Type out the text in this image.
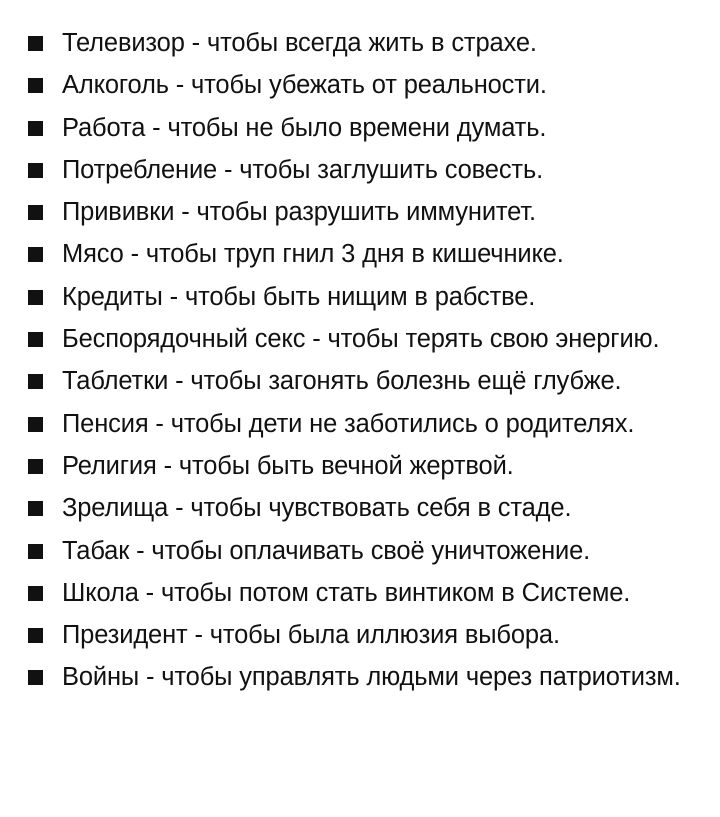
Телевизор - чтобы всегда жить в страхе.
Алкоголь - чтобы убежать от реальности.
Работа - чтобы не было времени думать.
Потребление - чтобы заглушить совесть.
Прививки - чтобы разрушить иммунитет.
Мясо - чтобы труп гнил 3 дня в кишечнике.
Кредиты - чтобы быть нищим в рабстве.
Беспорядочный секс - чтобы терять свою энергию.
Таблетки - чтобы загонять болезнь ещё глубже.
Пенсия - чтобы дети не заботились о родителях.
Религия - чтобы быть вечной жертвой.
Зрелища - чтобы чувствовать себя в стаде.
Табак - чтобы оплачивать своё уничтожение.
Школа - чтобы потом стать винтиком в Системе.
Президент - чтобы была иллюзия выбора.
Войны - чтобы управлять людьми через патриотизм.
